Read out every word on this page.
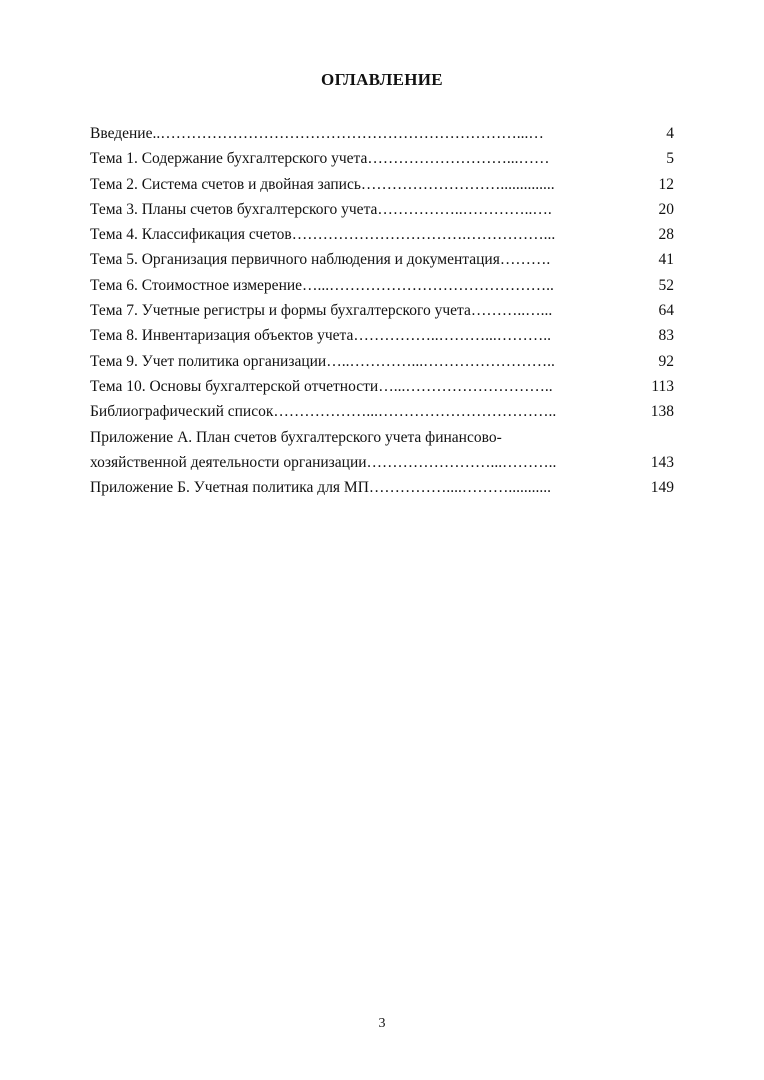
ОГЛАВЛЕНИЕ
Введение..……………………………………………………………...…	4
Тема 1. Содержание бухгалтерского учета………………………...……	5
Тема 2. Система счетов и двойная запись………………………..............	12
Тема 3. Планы счетов бухгалтерского учета……………..…………..….	20
Тема 4. Классификация счетов…………………………….……………...	28
Тема 5. Организация первичного наблюдения и документация……….	41
Тема 6. Стоимостное измерение…...……………………………………..	52
Тема 7. Учетные регистры и формы бухгалтерского учета………..…...	64
Тема 8. Инвентаризация объектов учета……………..………...………..	83
Тема 9. Учет политика организации…..…………...……………………..	92
Тема 10. Основы бухгалтерской отчетности…...………………………..	113
Библиографический список………………...……………………………..	138
Приложение А. План счетов бухгалтерского учета финансово-
хозяйственной деятельности организации……………………...………..	143
Приложение Б. Учетная политика для МП……………....………...........	149
3
